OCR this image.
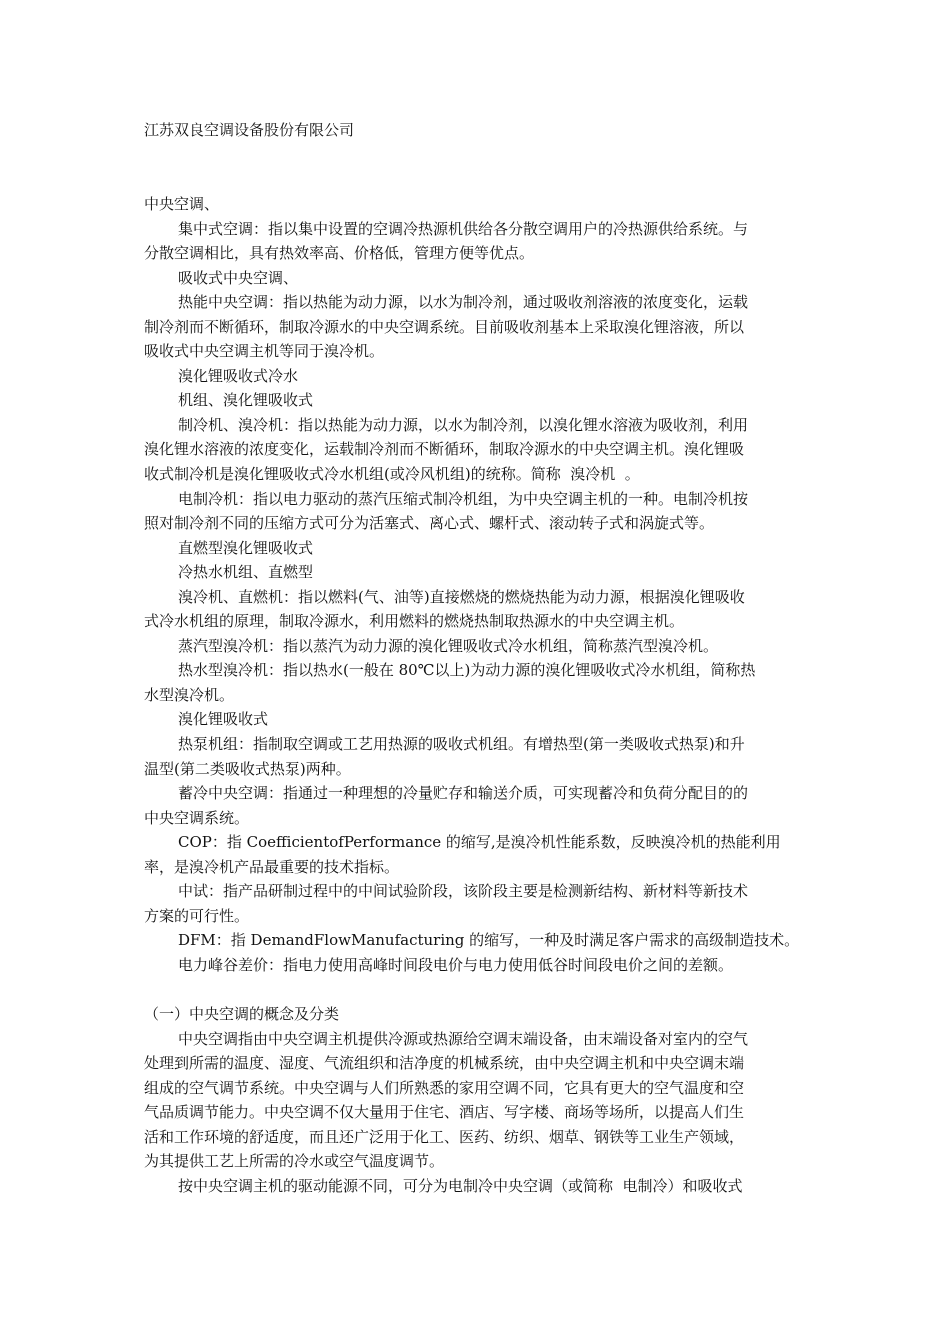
江苏双良空调设备股份有限公司
中央空调、
集中式空调：指以集中设置的空调冷热源机供给各分散空调用户的冷热源供给系统。与
分散空调相比，具有热效率高、价格低，管理方便等优点。
吸收式中央空调、
热能中央空调：指以热能为动力源，以水为制冷剂，通过吸收剂溶液的浓度变化，运载
制冷剂而不断循环，制取冷源水的中央空调系统。目前吸收剂基本上采取溴化锂溶液，所以
吸收式中央空调主机等同于溴冷机。
溴化锂吸收式冷水
机组、溴化锂吸收式
制冷机、溴冷机：指以热能为动力源，以水为制冷剂，以溴化锂水溶液为吸收剂，利用
溴化锂水溶液的浓度变化，运载制冷剂而不断循环，制取冷源水的中央空调主机。溴化锂吸
收式制冷机是溴化锂吸收式冷水机组(或冷风机组)的统称。简称  溴冷机  。
电制冷机：指以电力驱动的蒸汽压缩式制冷机组，为中央空调主机的一种。电制冷机按
照对制冷剂不同的压缩方式可分为活塞式、离心式、螺杆式、滚动转子式和涡旋式等。
直燃型溴化锂吸收式
冷热水机组、直燃型
溴冷机、直燃机：指以燃料(气、油等)直接燃烧的燃烧热能为动力源，根据溴化锂吸收
式冷水机组的原理，制取冷源水，利用燃料的燃烧热制取热源水的中央空调主机。
蒸汽型溴冷机：指以蒸汽为动力源的溴化锂吸收式冷水机组，简称蒸汽型溴冷机。
热水型溴冷机：指以热水(一般在 80℃以上)为动力源的溴化锂吸收式冷水机组，简称热
水型溴冷机。
溴化锂吸收式
热泵机组：指制取空调或工艺用热源的吸收式机组。有增热型(第一类吸收式热泵)和升
温型(第二类吸收式热泵)两种。
蓄冷中央空调：指通过一种理想的冷量贮存和输送介质，可实现蓄冷和负荷分配目的的
中央空调系统。
COP：指 CoefficientofPerformance 的缩写,是溴冷机性能系数，反映溴冷机的热能利用
率，是溴冷机产品最重要的技术指标。
中试：指产品研制过程中的中间试验阶段，该阶段主要是检测新结构、新材料等新技术
方案的可行性。
DFM：指 DemandFlowManufacturing 的缩写，一种及时满足客户需求的高级制造技术。
电力峰谷差价：指电力使用高峰时间段电价与电力使用低谷时间段电价之间的差额。
（一）中央空调的概念及分类
中央空调指由中央空调主机提供冷源或热源给空调末端设备，由末端设备对室内的空气
处理到所需的温度、湿度、气流组织和洁净度的机械系统，由中央空调主机和中央空调末端
组成的空气调节系统。中央空调与人们所熟悉的家用空调不同，它具有更大的空气温度和空
气品质调节能力。中央空调不仅大量用于住宅、酒店、写字楼、商场等场所，以提高人们生
活和工作环境的舒适度，而且还广泛用于化工、医药、纺织、烟草、钢铁等工业生产领域，
为其提供工艺上所需的冷水或空气温度调节。
按中央空调主机的驱动能源不同，可分为电制冷中央空调（或简称  电制冷）和吸收式
